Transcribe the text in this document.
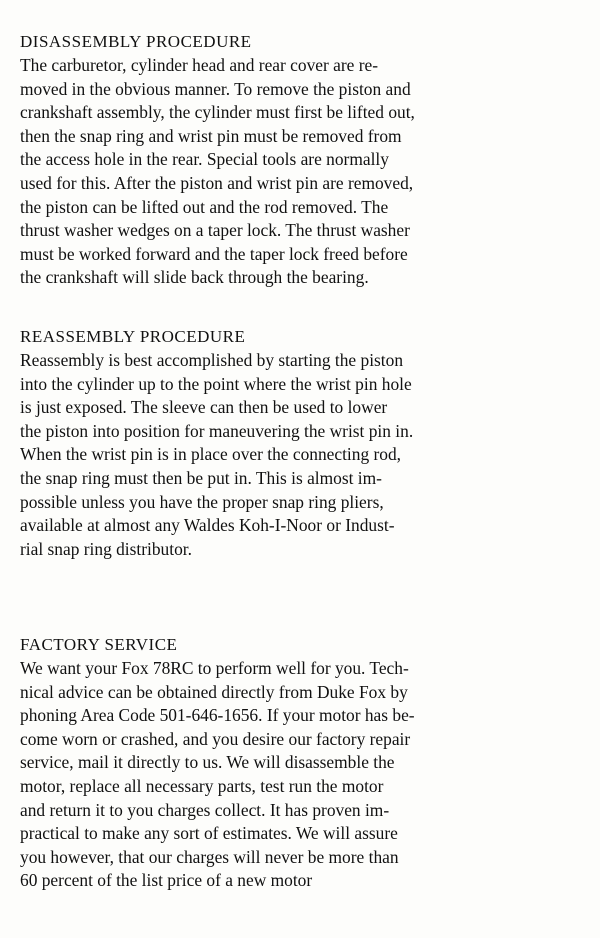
DISASSEMBLY PROCEDURE
The carburetor, cylinder head and rear cover are re-
moved in the obvious manner. To remove the piston and
crankshaft assembly, the cylinder must first be lifted out,
then the snap ring and wrist pin must be removed from
the access hole in the rear. Special tools are normally
used for this. After the piston and wrist pin are removed,
the piston can be lifted out and the rod removed. The
thrust washer wedges on a taper lock. The thrust washer
must be worked forward and the taper lock freed before
the crankshaft will slide back through the bearing.
REASSEMBLY PROCEDURE
Reassembly is best accomplished by starting the piston
into the cylinder up to the point where the wrist pin hole
is just exposed. The sleeve can then be used to lower
the piston into position for maneuvering the wrist pin in.
When the wrist pin is in place over the connecting rod,
the snap ring must then be put in. This is almost im-
possible unless you have the proper snap ring pliers,
available at almost any Waldes Koh-I-Noor or Indust-
rial snap ring distributor.
FACTORY SERVICE
We want your Fox 78RC to perform well for you. Tech-
nical advice can be obtained directly from Duke Fox by
phoning Area Code 501-646-1656. If your motor has be-
come worn or crashed, and you desire our factory repair
service, mail it directly to us. We will disassemble the
motor, replace all necessary parts, test run the motor
and return it to you charges collect. It has proven im-
practical to make any sort of estimates. We will assure
you however, that our charges will never be more than
60 percent of the list price of a new motor
